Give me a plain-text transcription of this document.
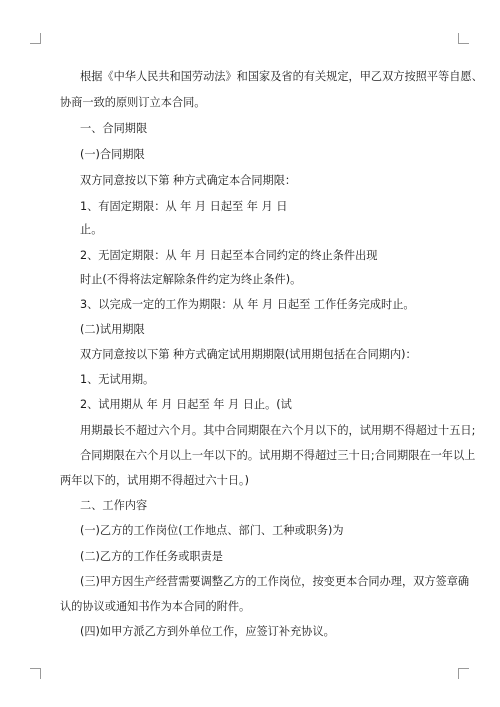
根据《中华人民共和国劳动法》和国家及省的有关规定，甲乙双方按照平等自愿、
协商一致的原则订立本合同。
一、合同期限
(一)合同期限
双方同意按以下第 种方式确定本合同期限：
1、有固定期限：从 年 月 日起至 年 月 日
止。
2、无固定期限：从 年 月 日起至本合同约定的终止条件出现
时止(不得将法定解除条件约定为终止条件)。
3、以完成一定的工作为期限：从 年 月 日起至 工作任务完成时止。
(二)试用期限
双方同意按以下第 种方式确定试用期期限(试用期包括在合同期内)：
1、无试用期。
2、试用期从 年 月 日起至 年 月 日止。(试
用期最长不超过六个月。其中合同期限在六个月以下的，试用期不得超过十五日;
合同期限在六个月以上一年以下的。试用期不得超过三十日;合同期限在一年以上
两年以下的，试用期不得超过六十日。)
二、工作内容
(一)乙方的工作岗位(工作地点、部门、工种或职务)为
(二)乙方的工作任务或职责是
(三)甲方因生产经营需要调整乙方的工作岗位，按变更本合同办理，双方签章确
认的协议或通知书作为本合同的附件。
(四)如甲方派乙方到外单位工作，应签订补充协议。
